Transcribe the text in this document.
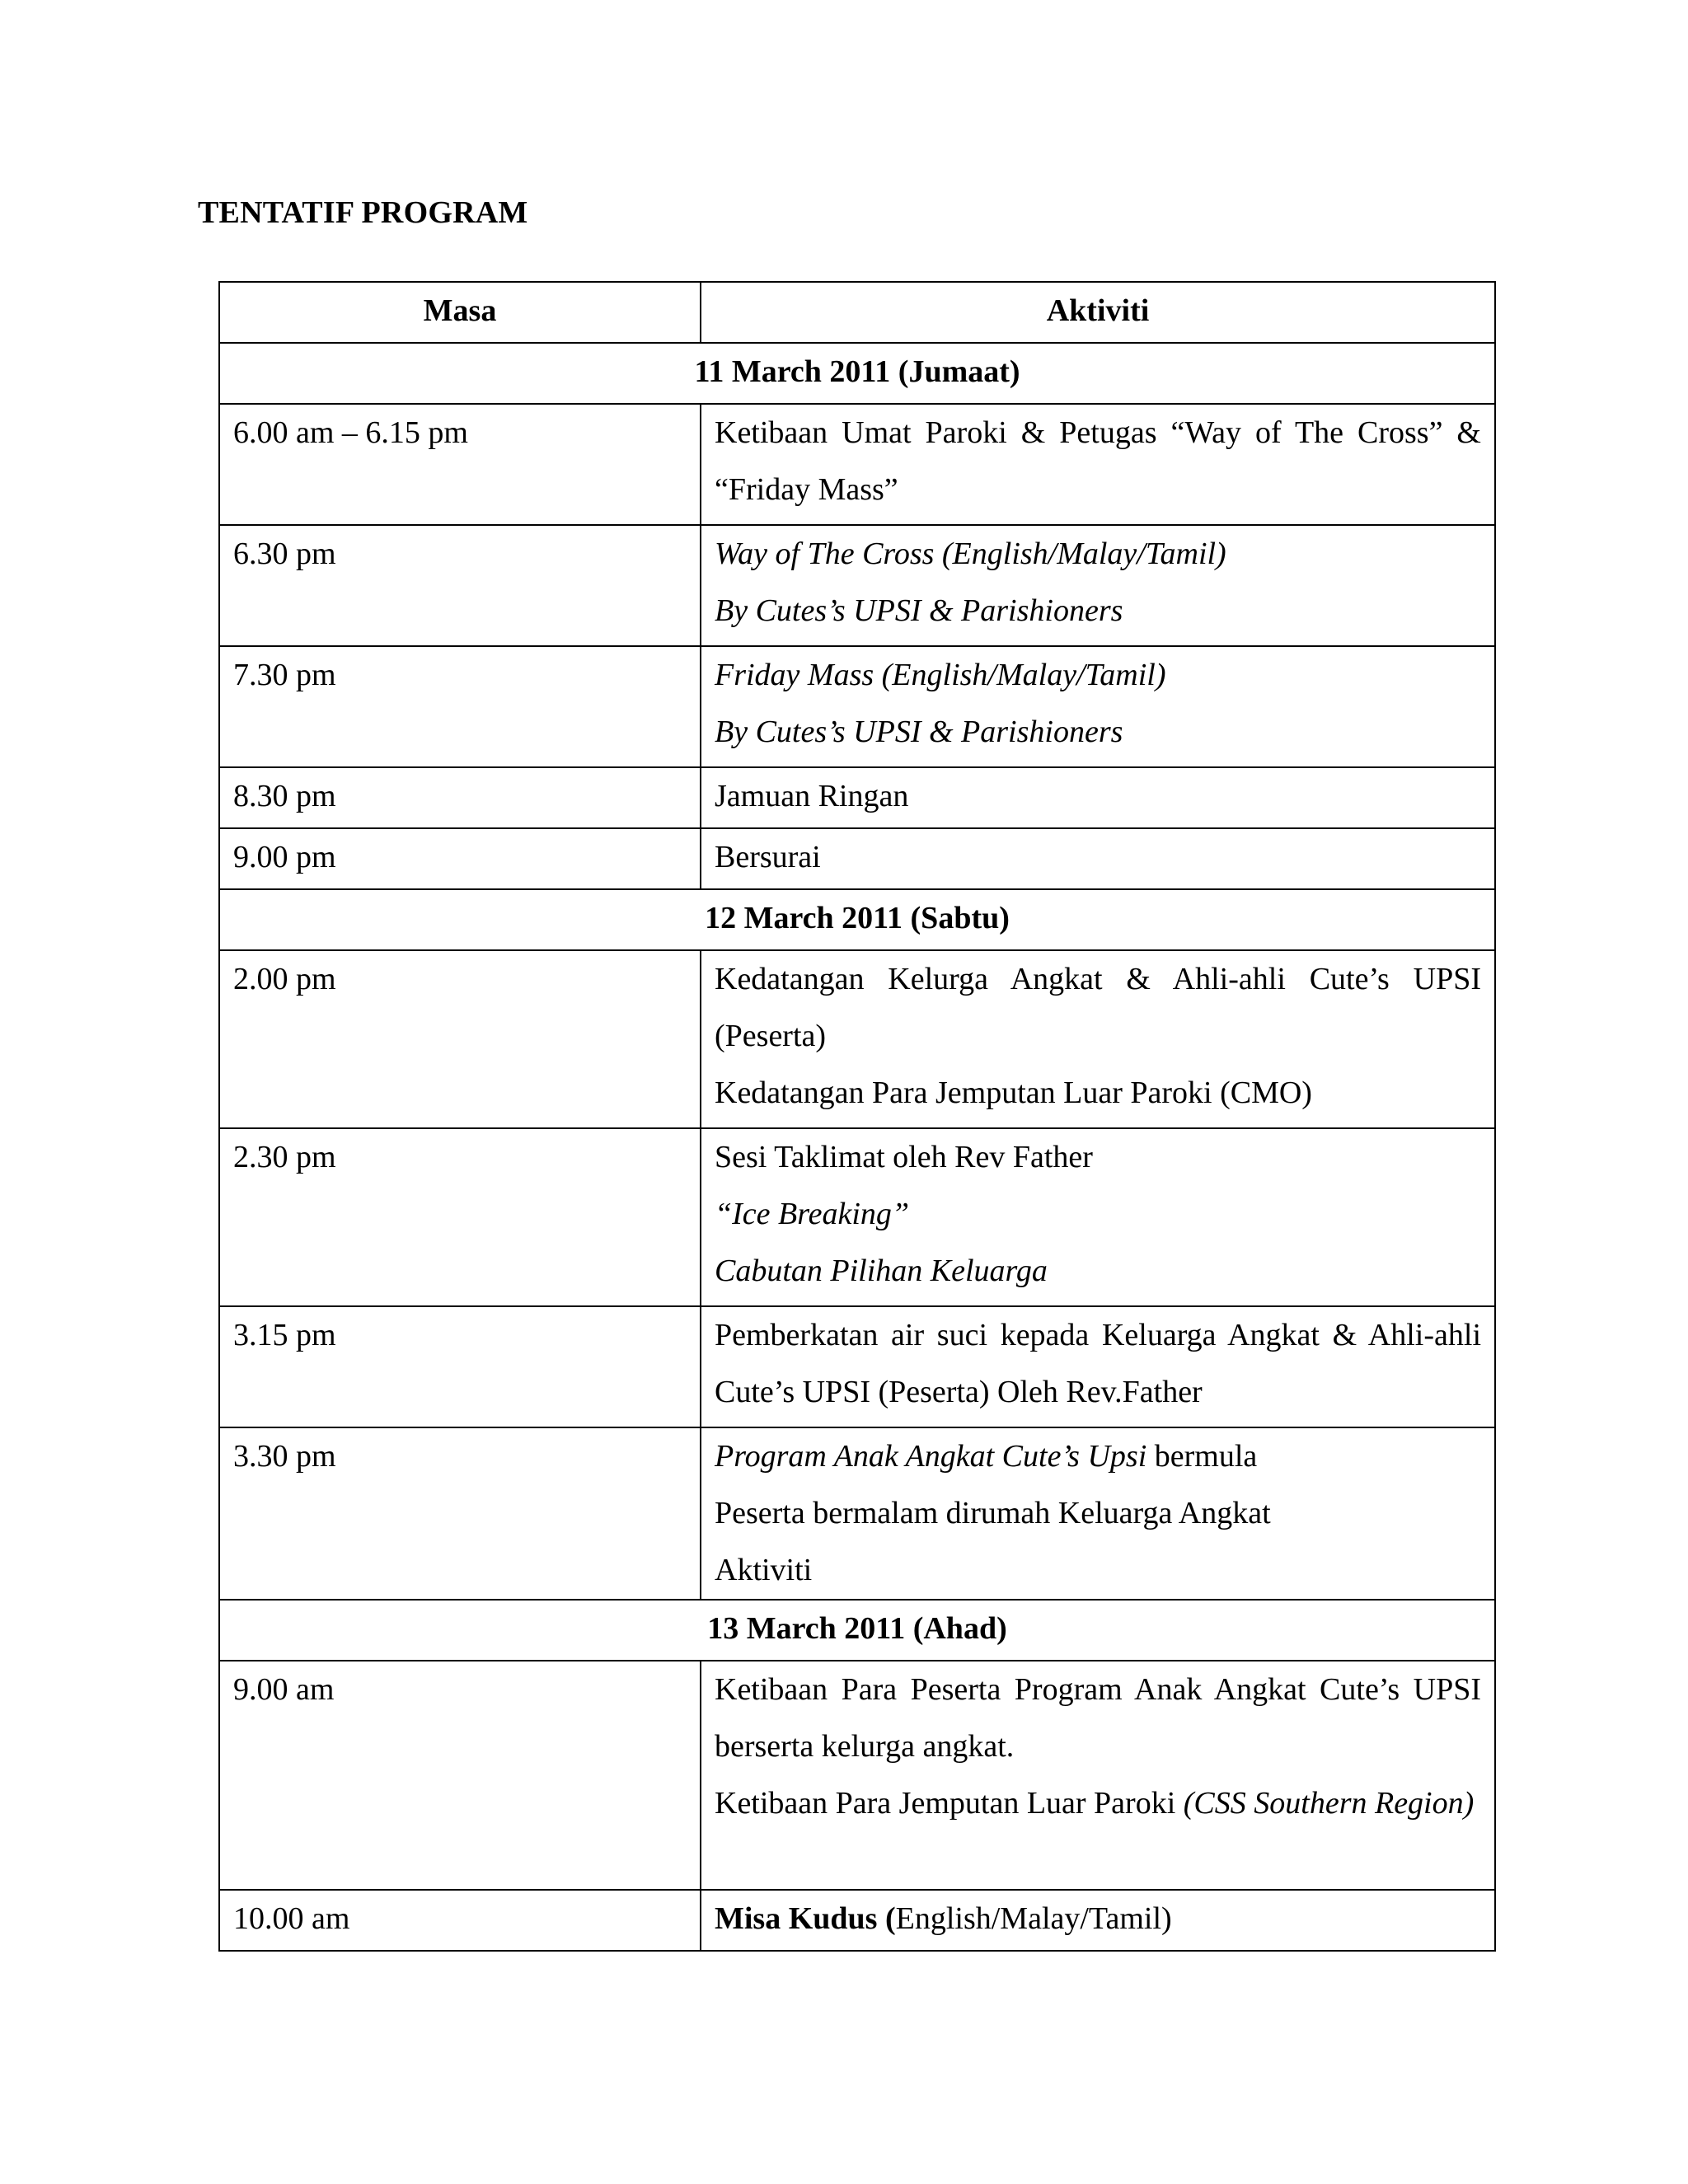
TENTATIF PROGRAM
Masa	Aktiviti
11 March 2011 (Jumaat)	
6.00 am – 6.15 pm	Ketibaan Umat Paroki & Petugas “Way of The Cross” & “Friday Mass”
6.30 pm	Way of The Cross (English/Malay/Tamil)
By Cutes’s UPSI & Parishioners

7.30 pm	Friday Mass (English/Malay/Tamil)
By Cutes’s UPSI & Parishioners

8.30 pm	Jamuan Ringan
9.00 pm	Bersurai
12 March 2011 (Sabtu)	
2.00 pm	Kedatangan Kelurga Angkat & Ahli-ahli Cute’s UPSI (Peserta)
Kedatangan Para Jemputan Luar Paroki (CMO)

2.30 pm	Sesi Taklimat oleh Rev Father
“Ice Breaking”
Cabutan Pilihan Keluarga

3.15 pm	Pemberkatan air suci kepada Keluarga Angkat & Ahli-ahli Cute’s UPSI (Peserta) Oleh Rev.Father
3.30 pm	Program Anak Angkat Cute’s Upsi bermula
Peserta bermalam dirumah Keluarga Angkat
Aktiviti

13 March 2011 (Ahad)	
9.00 am	Ketibaan Para Peserta Program Anak Angkat Cute’s UPSI berserta kelurga angkat.
Ketibaan Para Jemputan Luar Paroki (CSS Southern Region)

10.00 am	Misa Kudus (English/Malay/Tamil)
